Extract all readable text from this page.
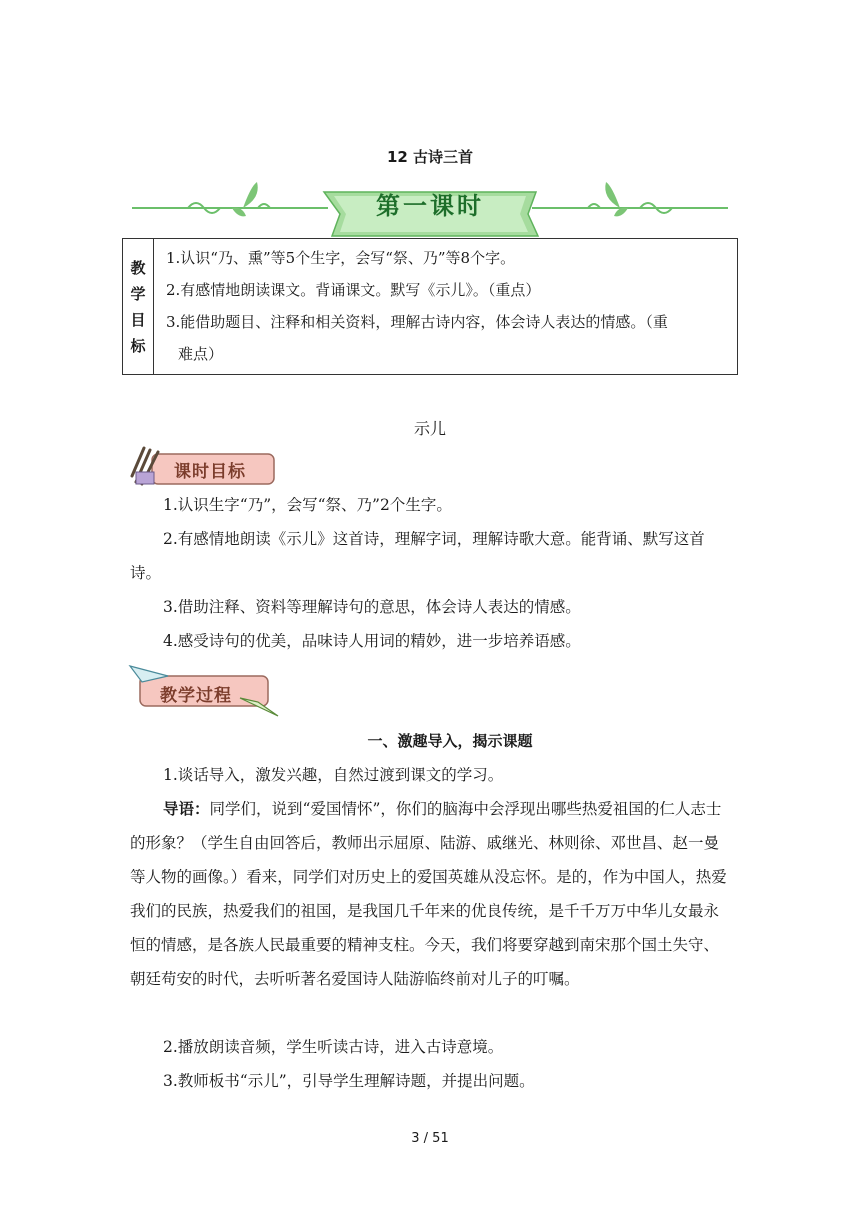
12 古诗三首
第一课时
教学目标	

1.认识“乃、熏”等5个生字，会写“祭、乃”等8个字。

2.有感情地朗读课文。背诵课文。默写《示儿》。（重点）

3.能借助题目、注释和相关资料，理解古诗内容，体会诗人表达的情感。（重

难点）

示儿
课时目标

1.认识生字“乃”，会写“祭、乃”2个生字。

2.有感情地朗读《示儿》这首诗，理解字词，理解诗歌大意。能背诵、默写这首诗。

3.借助注释、资料等理解诗句的意思，体会诗人表达的情感。

4.感受诗句的优美，品味诗人用词的精妙，进一步培养语感。

教学过程
一、激趣导入，揭示课题

1.谈话导入，激发兴趣，自然过渡到课文的学习。

导语：同学们，说到“爱国情怀”，你们的脑海中会浮现出哪些热爱祖国的仁人志士的形象？（学生自由回答后，教师出示屈原、陆游、戚继光、林则徐、邓世昌、赵一曼等人物的画像。）看来，同学们对历史上的爱国英雄从没忘怀。是的，作为中国人，热爱我们的民族，热爱我们的祖国，是我国几千年来的优良传统，是千千万万中华儿女最永恒的情感，是各族人民最重要的精神支柱。今天，我们将要穿越到南宋那个国土失守、朝廷苟安的时代，去听听著名爱国诗人陆游临终前对儿子的叮嘱。

2.播放朗读音频，学生听读古诗，进入古诗意境。

3.教师板书“示儿”，引导学生理解诗题，并提出问题。

3 / 51
